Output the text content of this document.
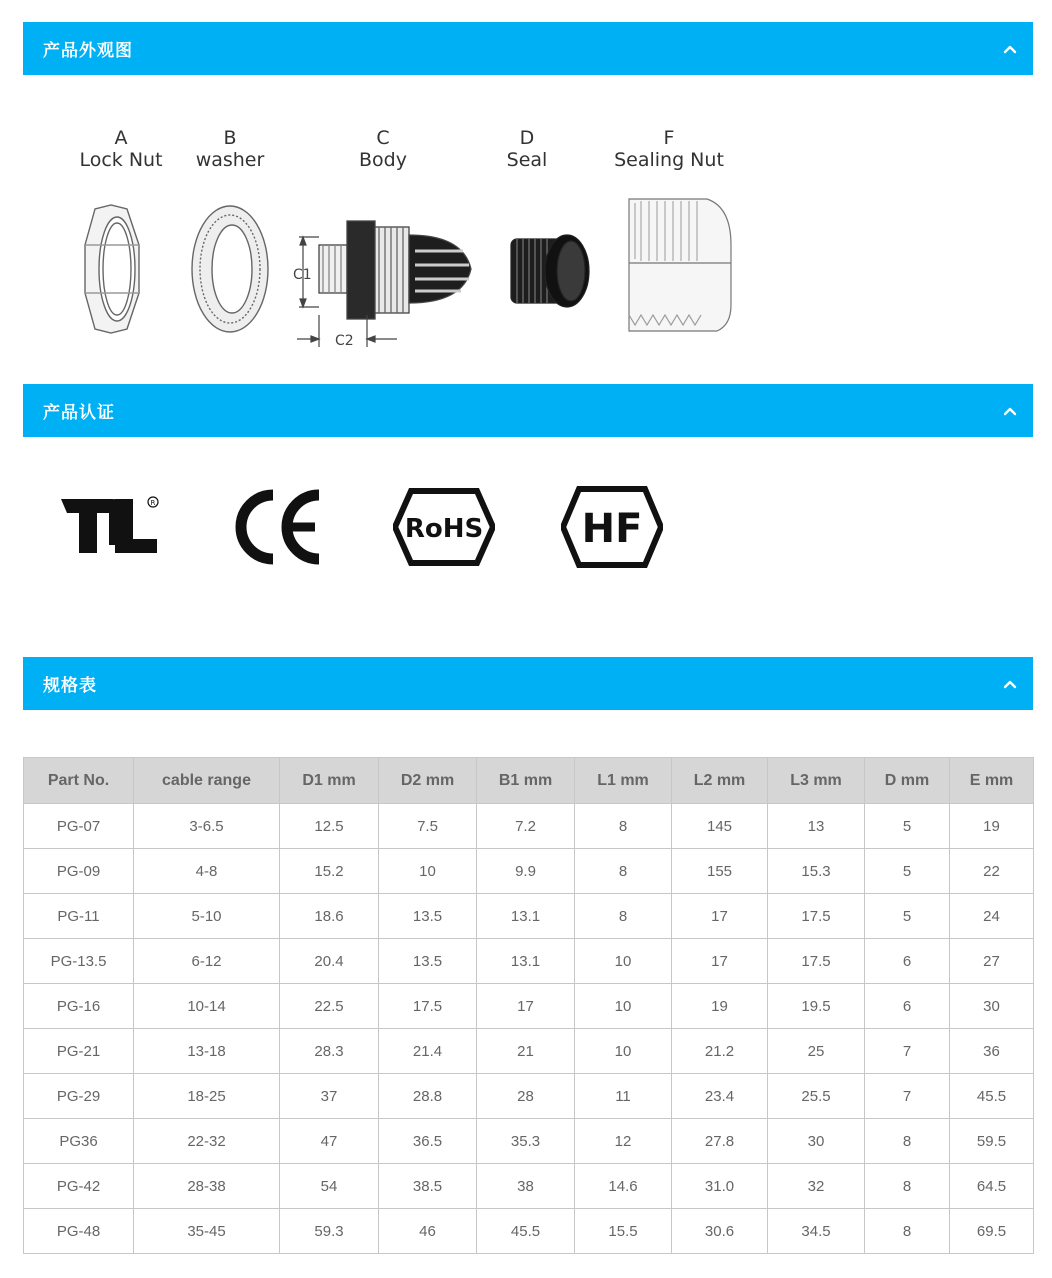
产品外观图
A
Lock Nut
B
washer
C
Body
D
Seal
F
Sealing Nut
C1
C2
产品认证
R
RoHS HF
规格表
Part No.	cable range	D1 mm	D2 mm	B1 mm	L1 mm	L2 mm	L3 mm	D mm	E mm
PG-07	3-6.5	12.5	7.5	7.2	8	145	13	5	19
PG-09	4-8	15.2	10	9.9	8	155	15.3	5	22
PG-11	5-10	18.6	13.5	13.1	8	17	17.5	5	24
PG-13.5	6-12	20.4	13.5	13.1	10	17	17.5	6	27
PG-16	10-14	22.5	17.5	17	10	19	19.5	6	30
PG-21	13-18	28.3	21.4	21	10	21.2	25	7	36
PG-29	18-25	37	28.8	28	11	23.4	25.5	7	45.5
PG36	22-32	47	36.5	35.3	12	27.8	30	8	59.5
PG-42	28-38	54	38.5	38	14.6	31.0	32	8	64.5
PG-48	35-45	59.3	46	45.5	15.5	30.6	34.5	8	69.5
